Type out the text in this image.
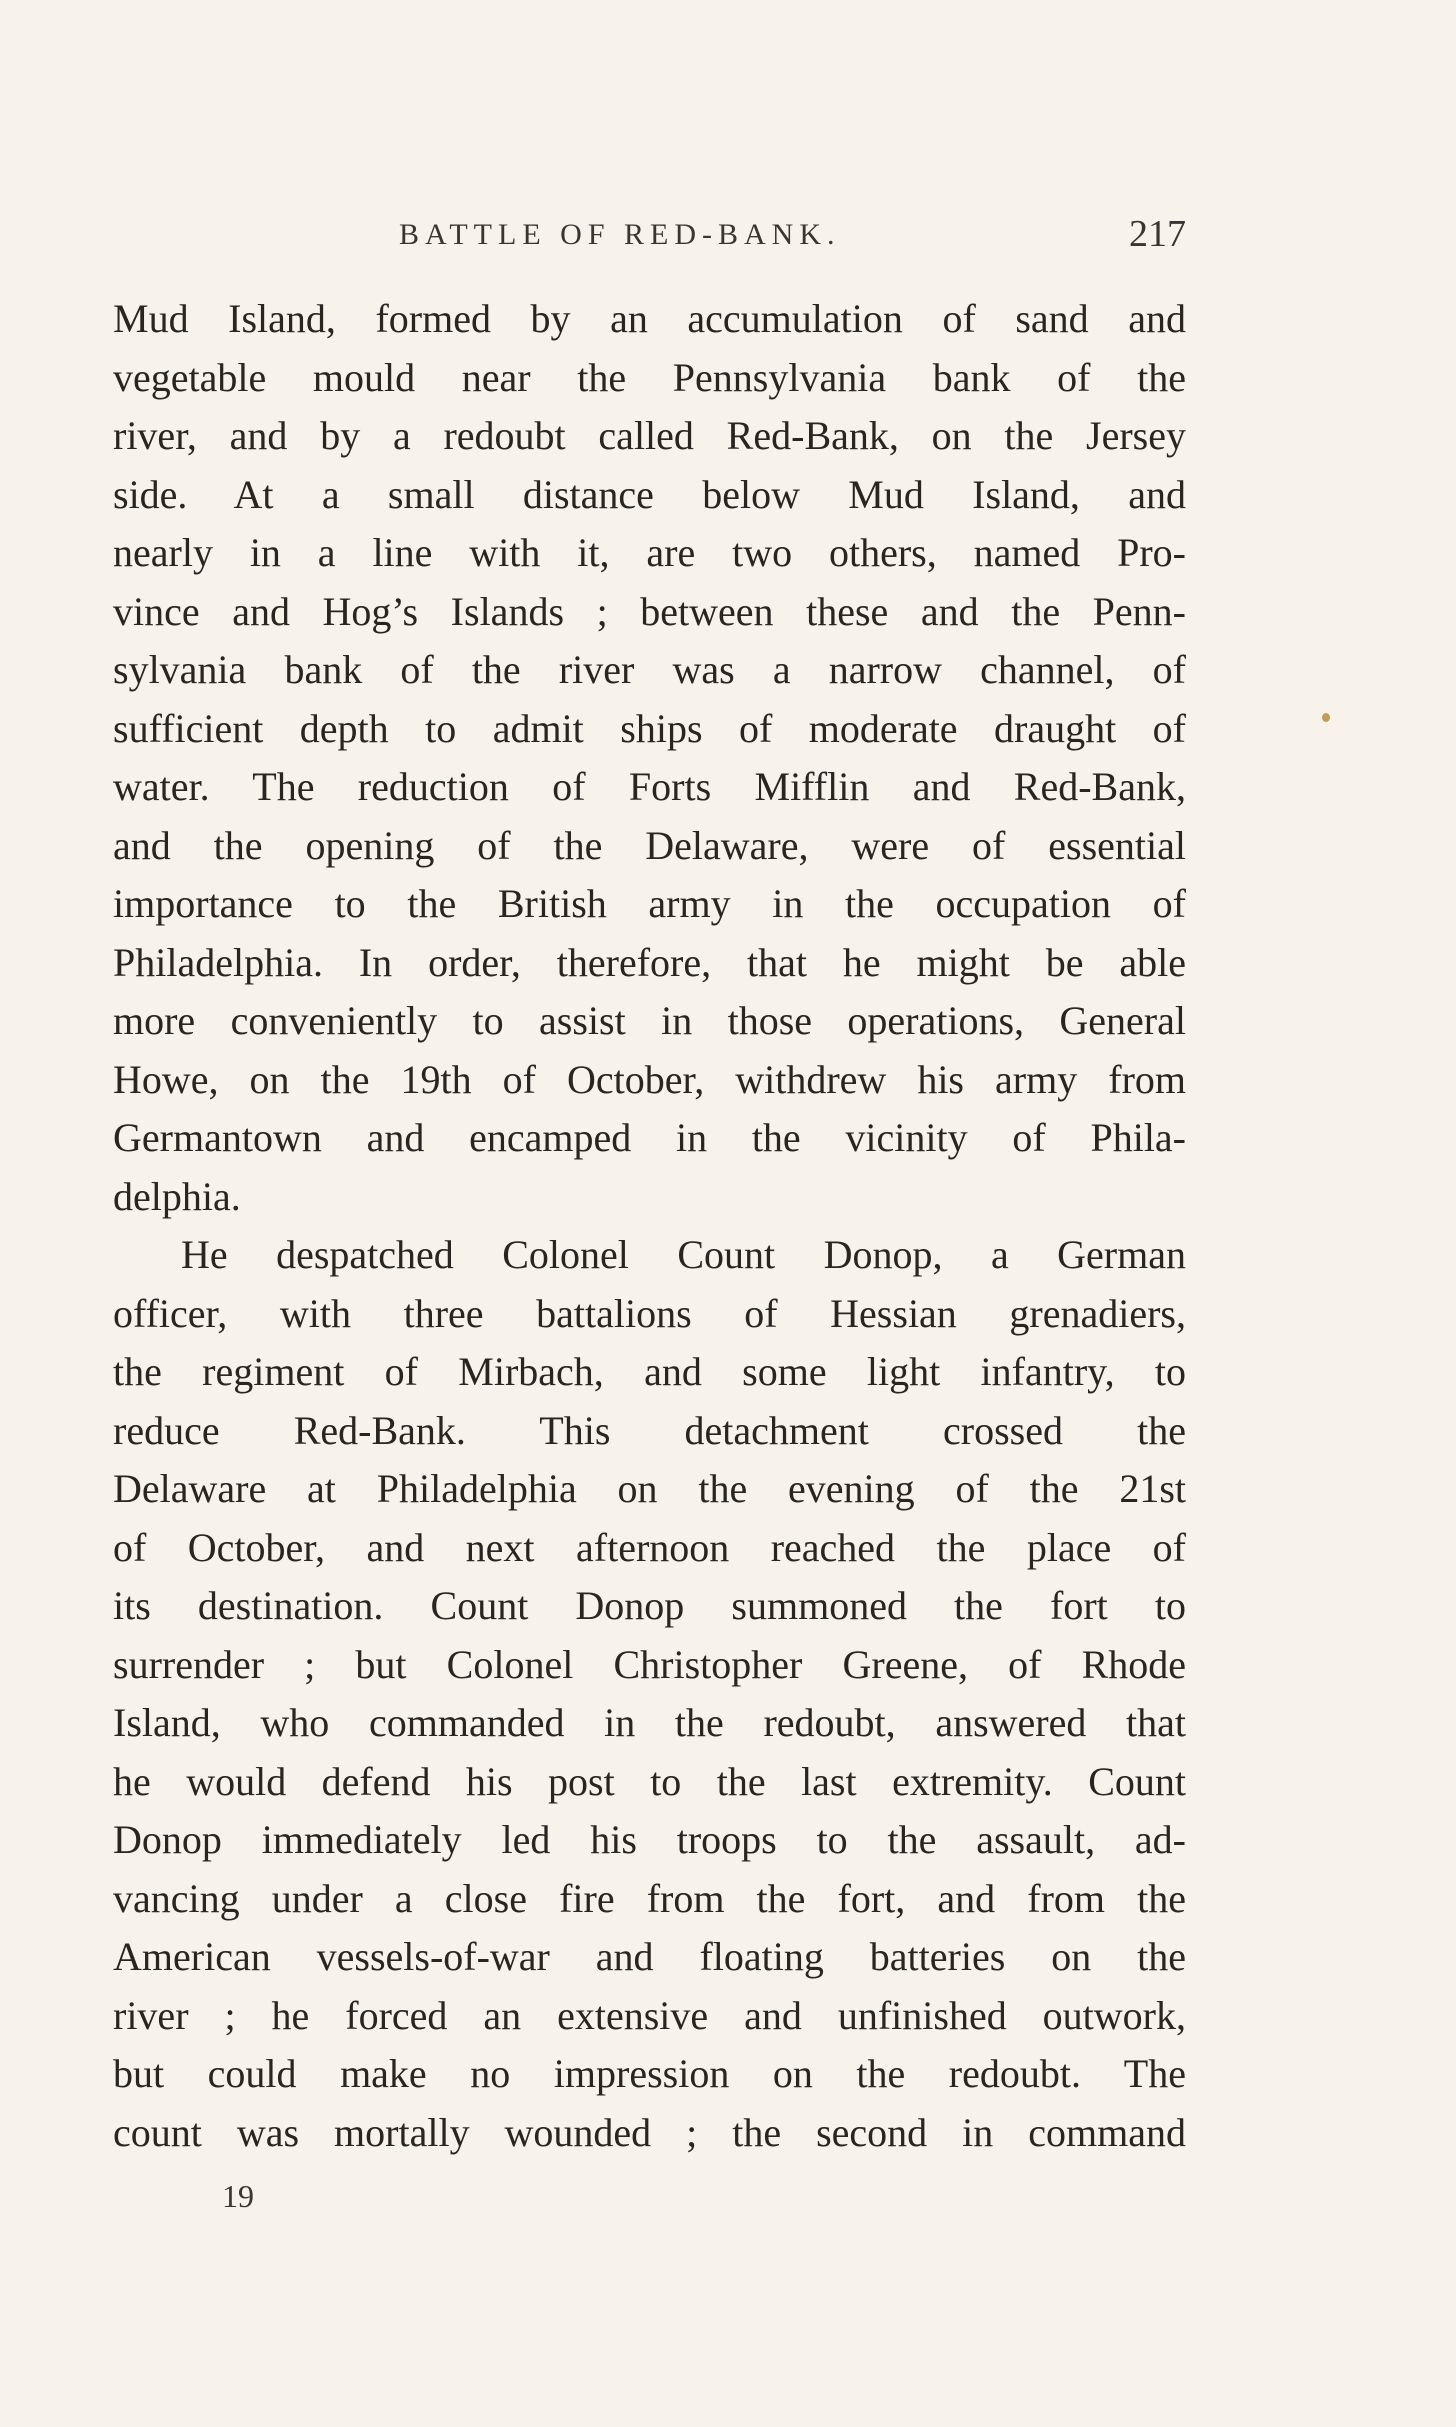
BATTLE OF RED-BANK.	217
Mud Island, formed by an accumulation of sand and
vegetable mould near the Pennsylvania bank of the
river, and by a redoubt called Red-Bank, on the Jersey
side. At a small distance below Mud Island, and
nearly in a line with it, are two others, named Pro-
vince and Hog’s Islands ; between these and the Penn-
sylvania bank of the river was a narrow channel, of
sufficient depth to admit ships of moderate draught of
water. The reduction of Forts Mifflin and Red-Bank,
and the opening of the Delaware, were of essential
importance to the British army in the occupation of
Philadelphia. In order, therefore, that he might be able
more conveniently to assist in those operations, General
Howe, on the 19th of October, withdrew his army from
Germantown and encamped in the vicinity of Phila-
delphia.
He despatched Colonel Count Donop, a German
officer, with three battalions of Hessian grenadiers,
the regiment of Mirbach, and some light infantry, to
reduce Red-Bank. This detachment crossed the
Delaware at Philadelphia on the evening of the 21st
of October, and next afternoon reached the place of
its destination. Count Donop summoned the fort to
surrender ; but Colonel Christopher Greene, of Rhode
Island, who commanded in the redoubt, answered that
he would defend his post to the last extremity. Count
Donop immediately led his troops to the assault, ad-
vancing under a close fire from the fort, and from the
American vessels-of-war and floating batteries on the
river ; he forced an extensive and unfinished outwork,
but could make no impression on the redoubt. The
count was mortally wounded ; the second in command
19
